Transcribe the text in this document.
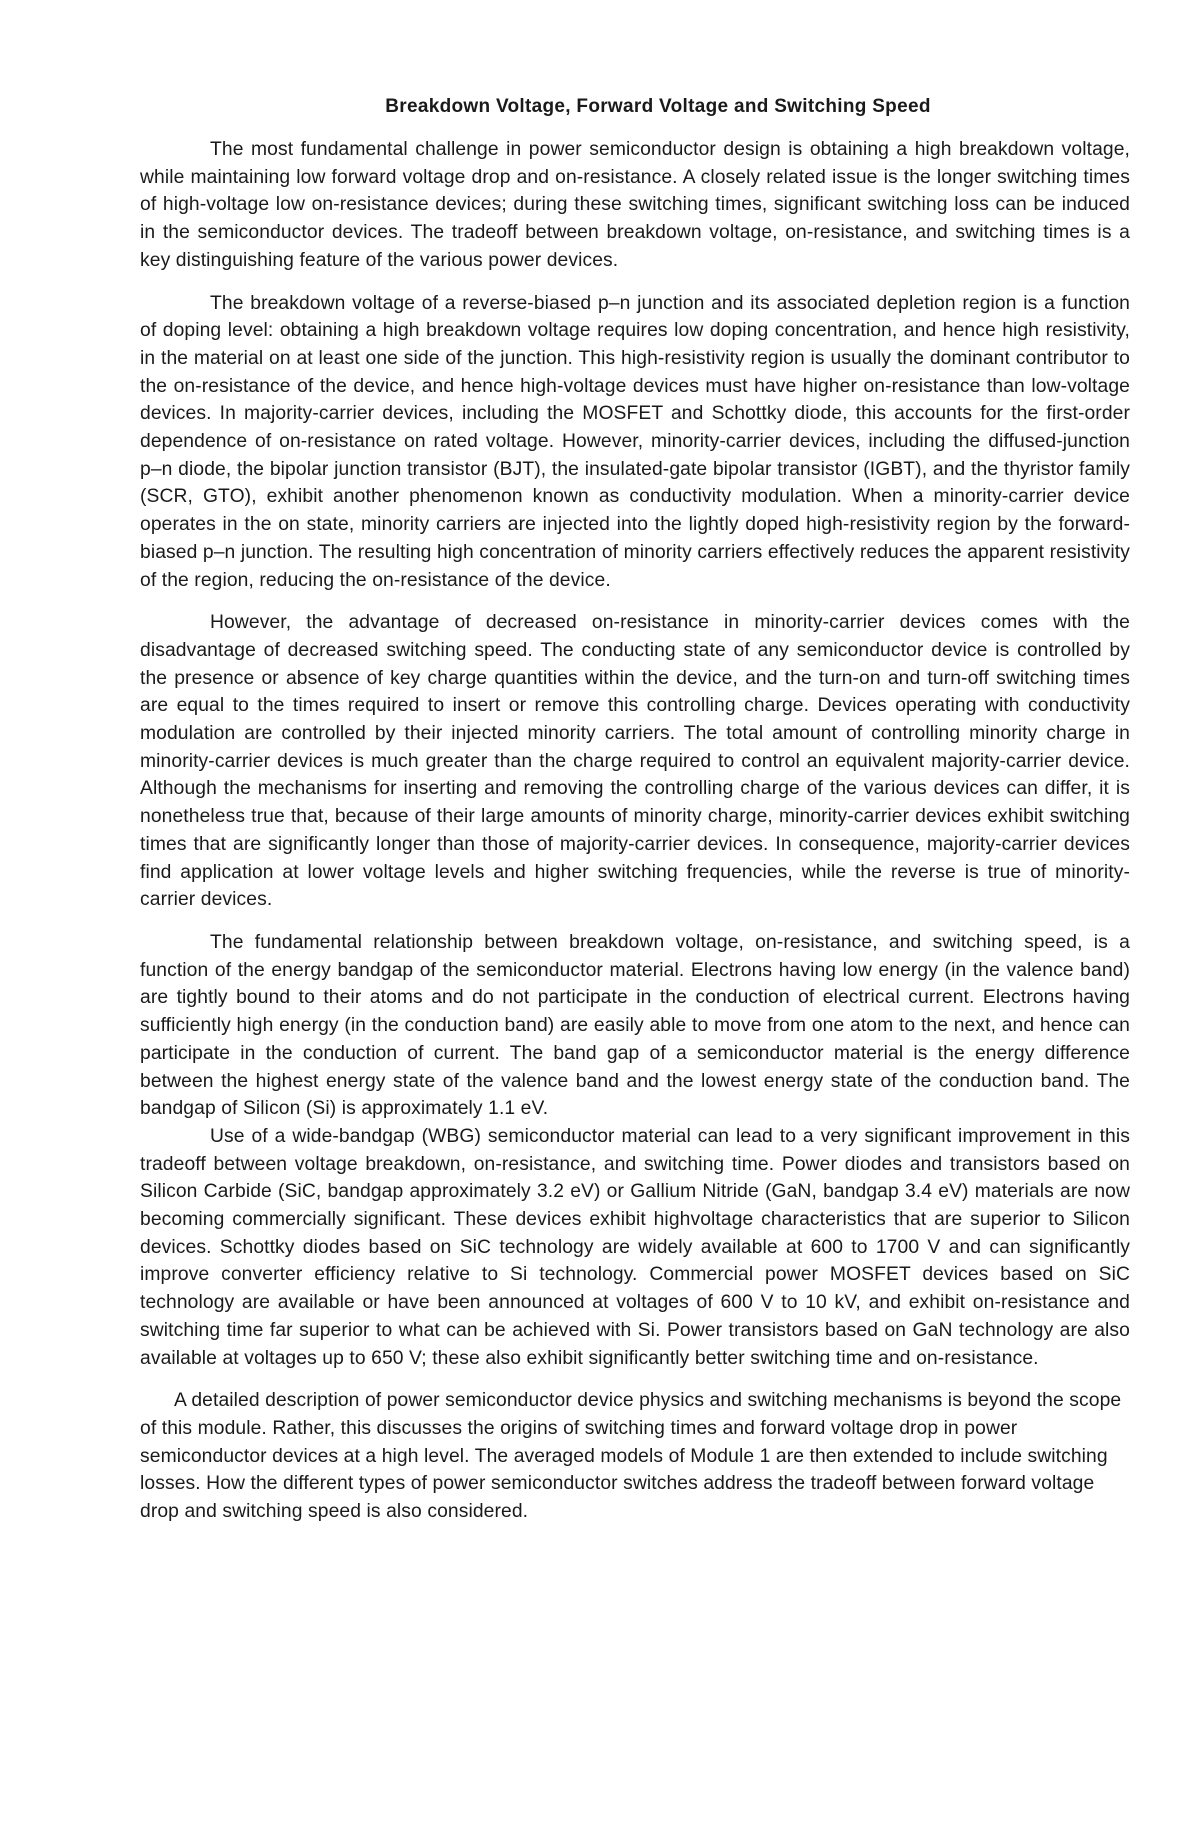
Breakdown Voltage, Forward Voltage and Switching Speed

The most fundamental challenge in power semiconductor design is obtaining a high breakdown voltage, while maintaining low forward voltage drop and on-resistance. A closely related issue is the longer switching times of high-voltage low on-resistance devices; during these switching times, significant switching loss can be induced in the semiconductor devices. The tradeoff between breakdown voltage, on-resistance, and switching times is a key distinguishing feature of the various power devices.

The breakdown voltage of a reverse-biased p–n junction and its associated depletion region is a function of doping level: obtaining a high breakdown voltage requires low doping concentration, and hence high resistivity, in the material on at least one side of the junction. This high-resistivity region is usually the dominant contributor to the on-resistance of the device, and hence high-voltage devices must have higher on-resistance than low-voltage devices. In majority-carrier devices, including the MOSFET and Schottky diode, this accounts for the first-order dependence of on-resistance on rated voltage. However, minority-carrier devices, including the diffused-junction p–n diode, the bipolar junction transistor (BJT), the insulated-gate bipolar transistor (IGBT), and the thyristor family (SCR, GTO), exhibit another phenomenon known as conductivity modulation. When a minority-carrier device operates in the on state, minority carriers are injected into the lightly doped high-resistivity region by the forward-biased p–n junction. The resulting high concentration of minority carriers effectively reduces the apparent resistivity of the region, reducing the on-resistance of the device.

However, the advantage of decreased on-resistance in minority-carrier devices comes with the disadvantage of decreased switching speed. The conducting state of any semiconductor device is controlled by the presence or absence of key charge quantities within the device, and the turn-on and turn-off switching times are equal to the times required to insert or remove this controlling charge. Devices operating with conductivity modulation are controlled by their injected minority carriers. The total amount of controlling minority charge in minority-carrier devices is much greater than the charge required to control an equivalent majority-carrier device. Although the mechanisms for inserting and removing the controlling charge of the various devices can differ, it is nonetheless true that, because of their large amounts of minority charge, minority-carrier devices exhibit switching times that are significantly longer than those of majority-carrier devices. In consequence, majority-carrier devices find application at lower voltage levels and higher switching frequencies, while the reverse is true of minority-carrier devices.

The fundamental relationship between breakdown voltage, on-resistance, and switching speed, is a function of the energy bandgap of the semiconductor material. Electrons having low energy (in the valence band) are tightly bound to their atoms and do not participate in the conduction of electrical current. Electrons having sufficiently high energy (in the conduction band) are easily able to move from one atom to the next, and hence can participate in the conduction of current. The band gap of a semiconductor material is the energy difference between the highest energy state of the valence band and the lowest energy state of the conduction band. The bandgap of Silicon (Si) is approximately 1.1 eV.

Use of a wide-bandgap (WBG) semiconductor material can lead to a very significant improvement in this tradeoff between voltage breakdown, on-resistance, and switching time. Power diodes and transistors based on Silicon Carbide (SiC, bandgap approximately 3.2 eV) or Gallium Nitride (GaN, bandgap 3.4 eV) materials are now becoming commercially significant. These devices exhibit highvoltage characteristics that are superior to Silicon devices. Schottky diodes based on SiC technology are widely available at 600 to 1700 V and can significantly improve converter efficiency relative to Si technology. Commercial power MOSFET devices based on SiC technology are available or have been announced at voltages of 600 V to 10 kV, and exhibit on-resistance and switching time far superior to what can be achieved with Si. Power transistors based on GaN technology are also available at voltages up to 650 V; these also exhibit significantly better switching time and on-resistance.

A detailed description of power semiconductor device physics and switching mechanisms is beyond the scope of this module. Rather, this discusses the origins of switching times and forward voltage drop in power semiconductor devices at a high level. The averaged models of Module 1 are then extended to include switching losses. How the different types of power semiconductor switches address the tradeoff between forward voltage drop and switching speed is also considered.
